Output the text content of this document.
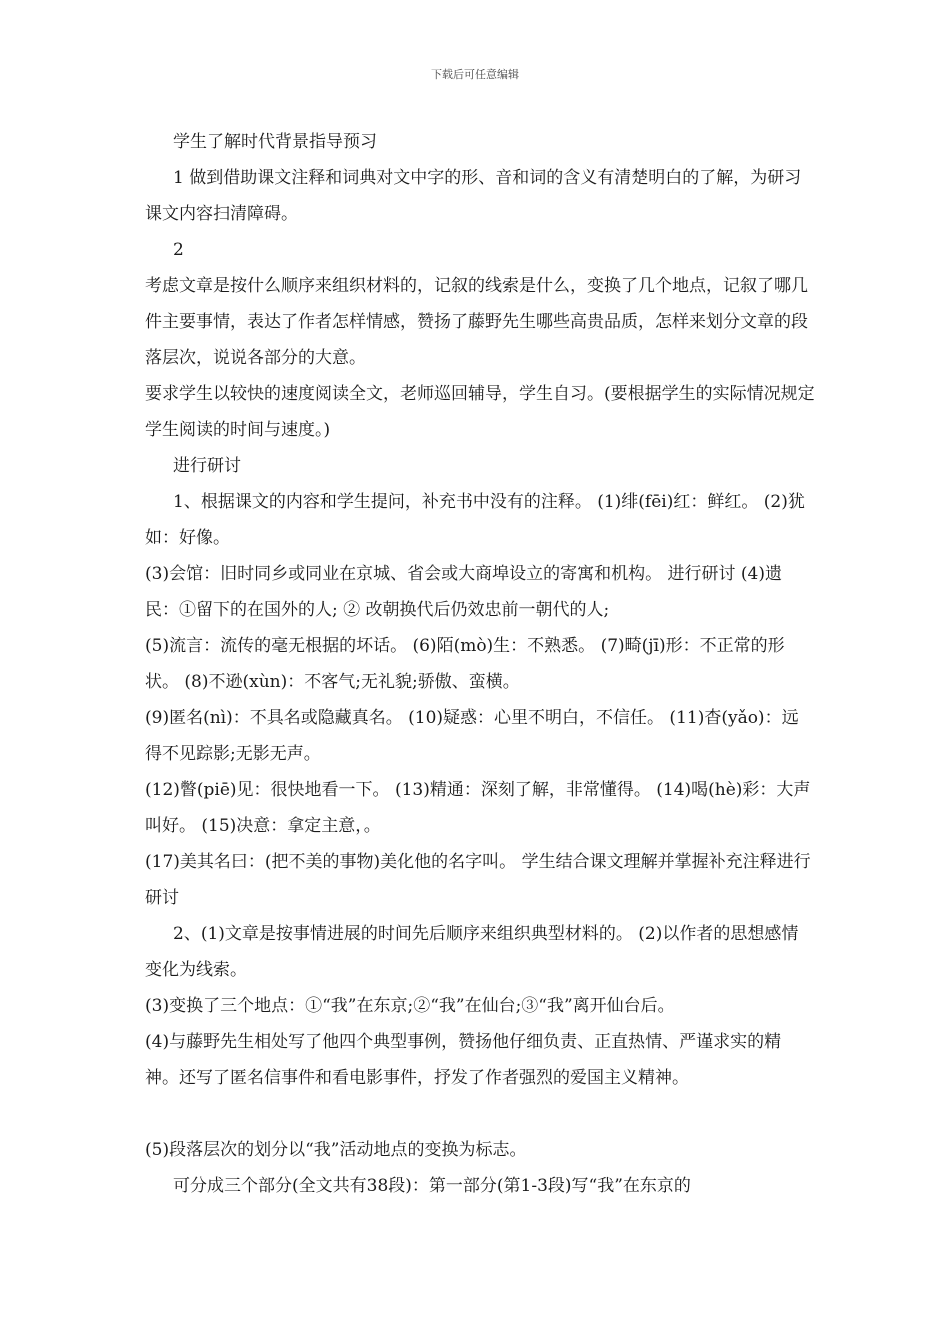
下载后可任意编辑

学生了解时代背景指导预习

1 做到借助课文注释和词典对文中字的形、音和词的含义有清楚明白的了解，为研习课文内容扫清障碍。

2

考虑文章是按什么顺序来组织材料的，记叙的线索是什么，变换了几个地点，记叙了哪几件主要事情，表达了作者怎样情感，赞扬了藤野先生哪些高贵品质，怎样来划分文章的段落层次，说说各部分的大意。

要求学生以较快的速度阅读全文，老师巡回辅导，学生自习。(要根据学生的实际情况规定学生阅读的时间与速度。)

进行研讨

1、根据课文的内容和学生提问，补充书中没有的注释。 (1)绯(fēi)红：鲜红。 (2)犹如：好像。

(3)会馆：旧时同乡或同业在京城、省会或大商埠设立的寄寓和机构。 进行研讨 (4)遗民：①留下的在国外的人; ② 改朝换代后仍效忠前一朝代的人;

(5)流言：流传的毫无根据的坏话。 (6)陌(mò)生：不熟悉。 (7)畸(jī)形：不正常的形状。 (8)不逊(xùn)：不客气;无礼貌;骄傲、蛮横。

(9)匿名(nì)：不具名或隐藏真名。 (10)疑惑：心里不明白，不信任。 (11)杳(yǎo)：远得不见踪影;无影无声。

(12)瞥(piē)见：很快地看一下。 (13)精通：深刻了解，非常懂得。 (14)喝(hè)彩：大声叫好。 (15)决意：拿定主意，。

(17)美其名曰：(把不美的事物)美化他的名字叫。 学生结合课文理解并掌握补充注释进行研讨

2、(1)文章是按事情进展的时间先后顺序来组织典型材料的。 (2)以作者的思想感情变化为线索。

(3)变换了三个地点：①“我”在东京;②“我”在仙台;③“我”离开仙台后。

(4)与藤野先生相处写了他四个典型事例，赞扬他仔细负责、正直热情、严谨求实的精神。还写了匿名信事件和看电影事件，抒发了作者强烈的爱国主义精神。

(5)段落层次的划分以“我”活动地点的变换为标志。

可分成三个部分(全文共有38段)：第一部分(第1-3段)写“我”在东京的
